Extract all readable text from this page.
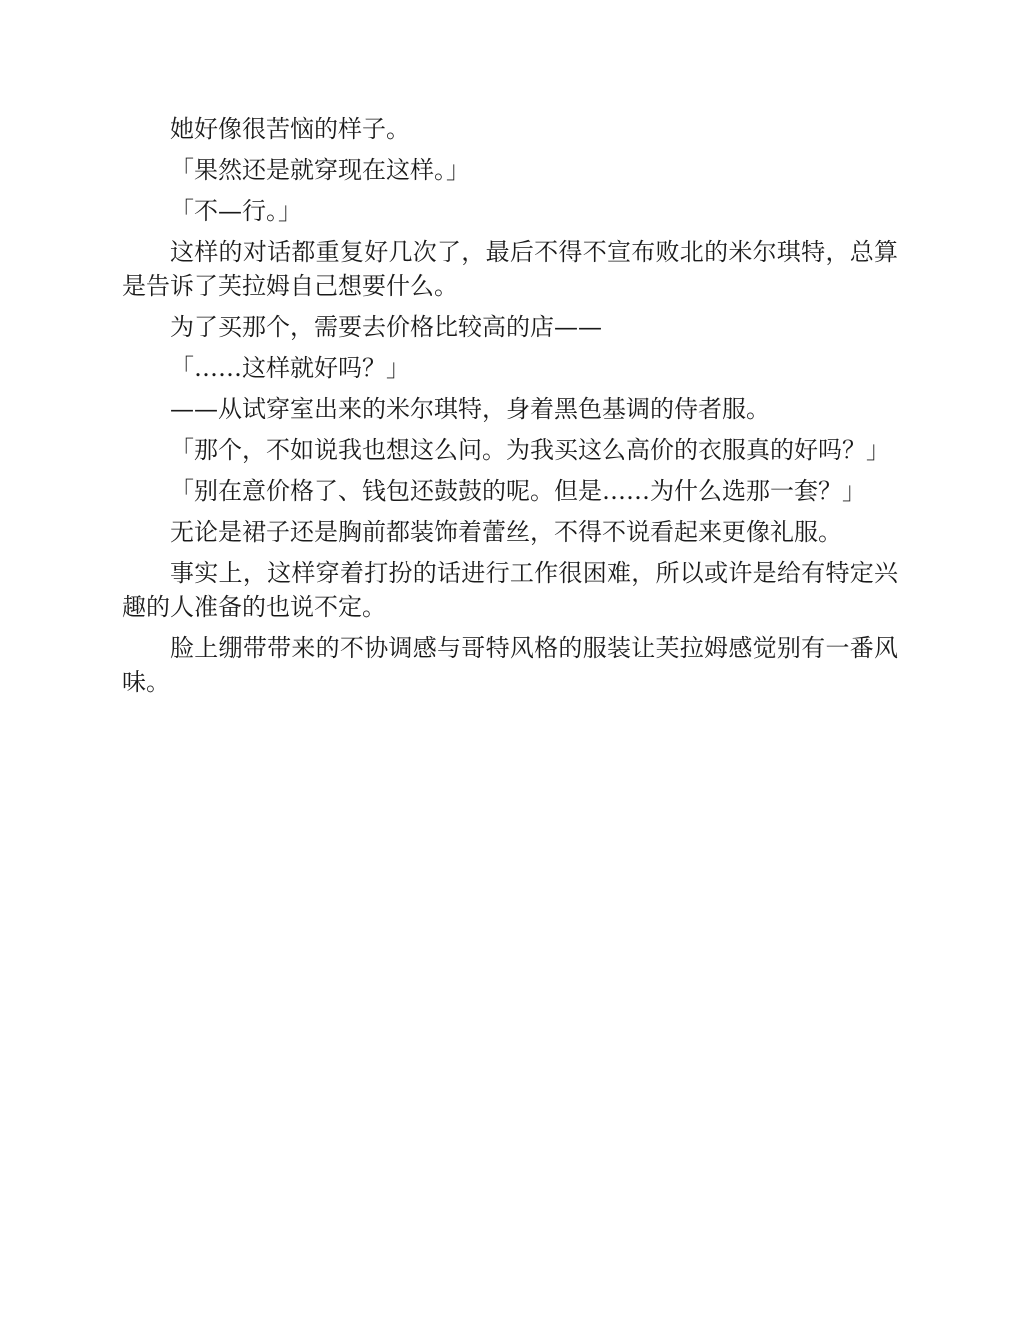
她好像很苦恼的样子。

「果然还是就穿现在这样。」

「不—行。」

这样的对话都重复好几次了，最后不得不宣布败北的米尔琪特，总算是告诉了芙拉姆自己想要什么。

为了买那个，需要去价格比较高的店——

「……这样就好吗？」

——从试穿室出来的米尔琪特，身着黑色基调的侍者服。

「那个，不如说我也想这么问。为我买这么高价的衣服真的好吗？」

「别在意价格了、钱包还鼓鼓的呢。但是……为什么选那一套？」

无论是裙子还是胸前都装饰着蕾丝，不得不说看起来更像礼服。

事实上，这样穿着打扮的话进行工作很困难，所以或许是给有特定兴趣的人准备的也说不定。

脸上绷带带来的不协调感与哥特风格的服装让芙拉姆感觉别有一番风味。
